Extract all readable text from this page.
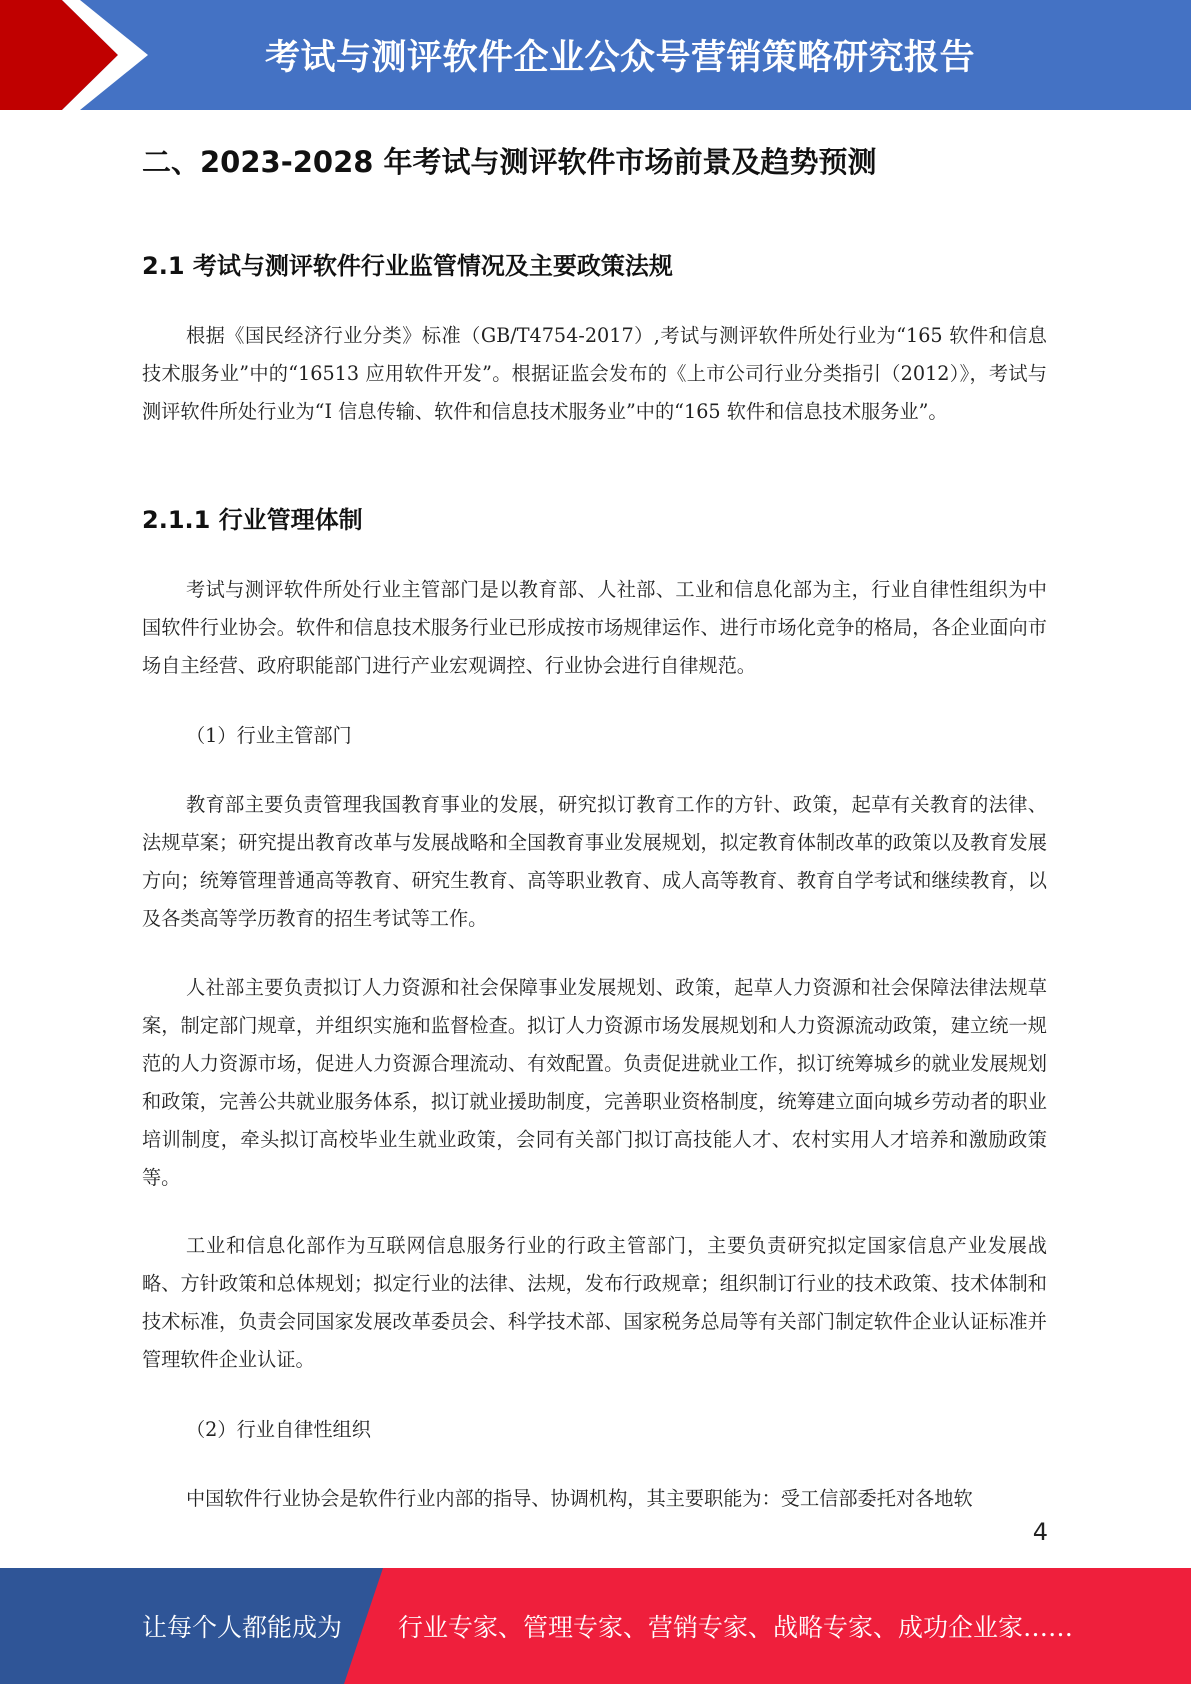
考试与测评软件企业公众号营销策略研究报告
二、2023-2028 年考试与测评软件市场前景及趋势预测
2.1 考试与测评软件行业监管情况及主要政策法规

根据《国民经济行业分类》标准（GB/T4754-2017）,考试与测评软件所处行业为“165 软件和信息技术服务业”中的“16513 应用软件开发”。根据证监会发布的《上市公司行业分类指引（2012）》，考试与测评软件所处行业为“I 信息传输、软件和信息技术服务业”中的“165 软件和信息技术服务业”。

2.1.1 行业管理体制

考试与测评软件所处行业主管部门是以教育部、人社部、工业和信息化部为主，行业自律性组织为中国软件行业协会。软件和信息技术服务行业已形成按市场规律运作、进行市场化竞争的格局，各企业面向市场自主经营、政府职能部门进行产业宏观调控、行业协会进行自律规范。

（1）行业主管部门

教育部主要负责管理我国教育事业的发展，研究拟订教育工作的方针、政策，起草有关教育的法律、法规草案；研究提出教育改革与发展战略和全国教育事业发展规划，拟定教育体制改革的政策以及教育发展方向；统筹管理普通高等教育、研究生教育、高等职业教育、成人高等教育、教育自学考试和继续教育，以及各类高等学历教育的招生考试等工作。

人社部主要负责拟订人力资源和社会保障事业发展规划、政策，起草人力资源和社会保障法律法规草案，制定部门规章，并组织实施和监督检查。拟订人力资源市场发展规划和人力资源流动政策，建立统一规范的人力资源市场，促进人力资源合理流动、有效配置。负责促进就业工作，拟订统筹城乡的就业发展规划和政策，完善公共就业服务体系，拟订就业援助制度，完善职业资格制度，统筹建立面向城乡劳动者的职业培训制度，牵头拟订高校毕业生就业政策，会同有关部门拟订高技能人才、农村实用人才培养和激励政策等。

工业和信息化部作为互联网信息服务行业的行政主管部门，主要负责研究拟定国家信息产业发展战略、方针政策和总体规划；拟定行业的法律、法规，发布行政规章；组织制订行业的技术政策、技术体制和技术标准，负责会同国家发展改革委员会、科学技术部、国家税务总局等有关部门制定软件企业认证标准并管理软件企业认证。

（2）行业自律性组织

中国软件行业协会是软件行业内部的指导、协调机构，其主要职能为：受工信部委托对各地软

4
让每个人都能成为 行业专家、管理专家、营销专家、战略专家、成功企业家……
